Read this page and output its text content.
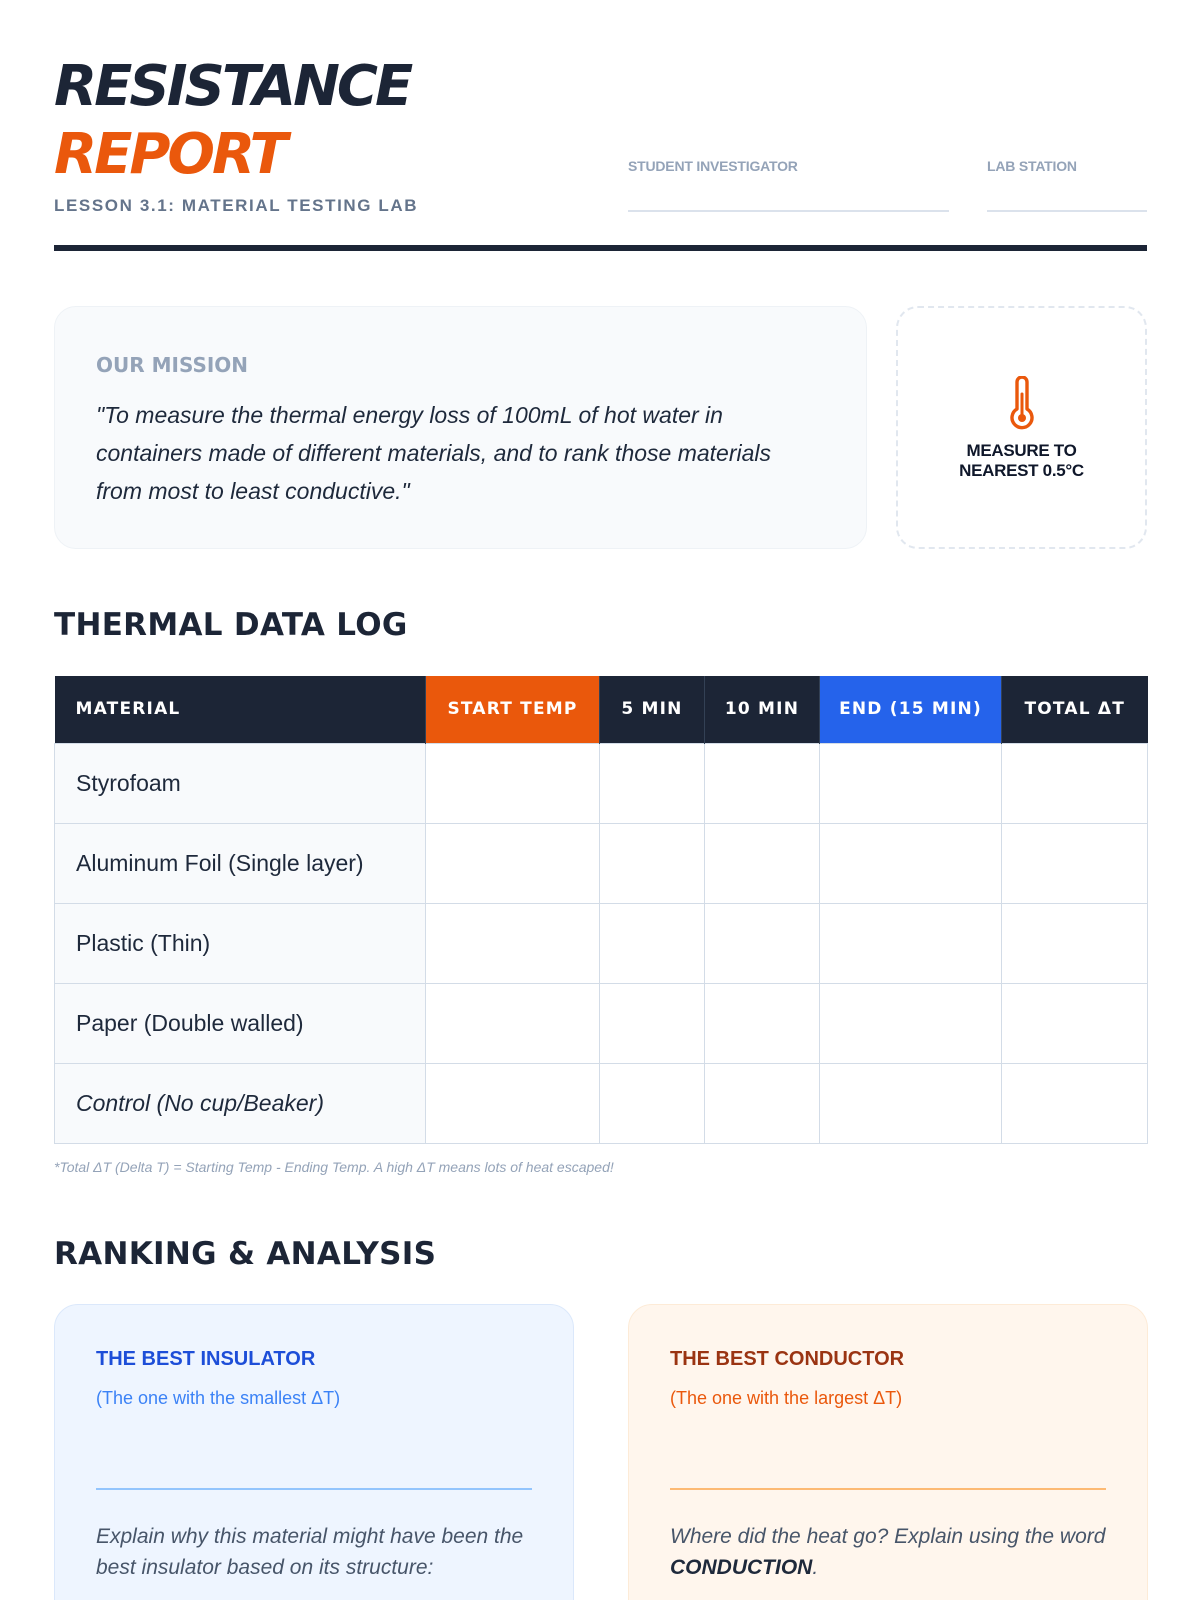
RESISTANCE
REPORT
LESSON 3.1: MATERIAL TESTING LAB
STUDENT INVESTIGATOR	LAB STATION
OUR MISSION
"To measure the thermal energy loss of 100mL of hot water in containers made of different materials, and to rank those materials from most to least conductive."
MEASURE TO
NEAREST 0.5°C
THERMAL DATA LOG
MATERIAL	START TEMP	5 MIN	10 MIN	END (15 MIN)	TOTAL ΔT
Styrofoam					
Aluminum Foil (Single layer)					
Plastic (Thin)					
Paper (Double walled)					
Control (No cup/Beaker)					
*Total ΔT (Delta T) = Starting Temp - Ending Temp. A high ΔT means lots of heat escaped!
RANKING & ANALYSIS
THE BEST INSULATOR
(The one with the smallest ΔT)
Explain why this material might have been the best insulator based on its structure:
THE BEST CONDUCTOR
(The one with the largest ΔT)
Where did the heat go? Explain using the word CONDUCTION.
